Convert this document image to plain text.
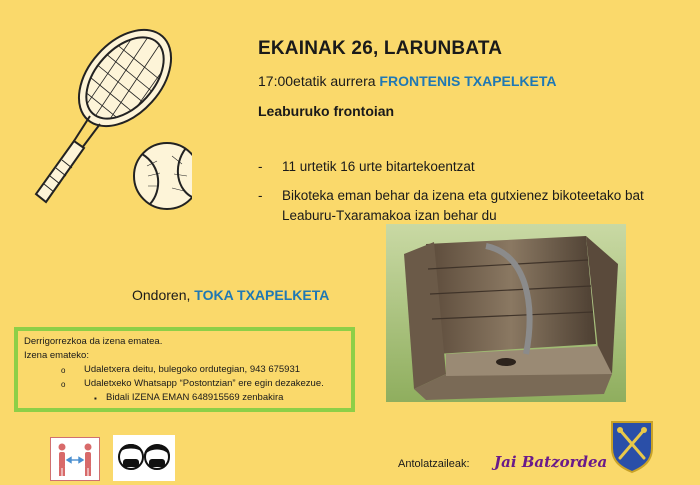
EKAINAK 26, LARUNBATA
17:00etatik aurrera FRONTENIS TXAPELKETA
Leaburuko frontoian
-	11 urtetik 16 urte bitartekoentzat
-	Bikoteka eman behar da izena eta gutxienez bikoteetako bat Leaburu-Txaramakoa izan behar du
Ondoren, TOKA TXAPELKETA
Derrigorrezkoa da izena ematea.
Izena emateko:
o Udaletxera deitu, bulegoko ordutegian, 943 675931
o Udaletxeko Whatsapp “Postontzian” ere egin dezakezue.
▪ Bidali IZENA EMAN 648915569 zenbakira
Antolatzaileak: Jai Batzordea
